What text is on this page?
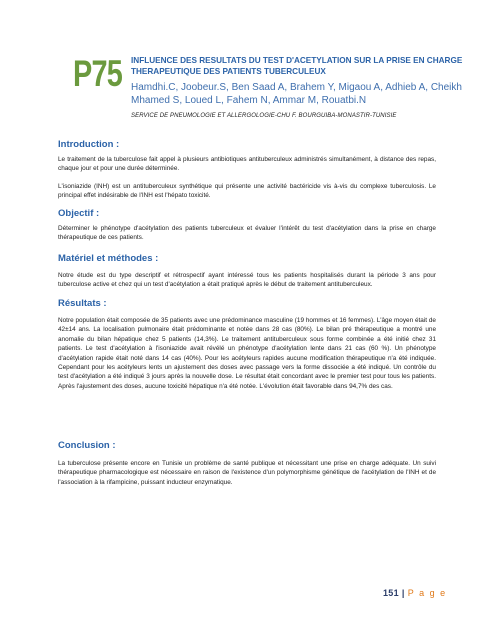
P75 INFLUENCE DES RESULTATS DU TEST D'ACETYLATION SUR LA PRISE EN CHARGE THERAPEUTIQUE DES PATIENTS TUBERCULEUX
Hamdhi.C, Joobeur.S, Ben Saad A, Brahem Y, Migaou A, Adhieb A, Cheikh Mhamed S, Loued L, Fahem N, Ammar M, Rouatbi.N
SERVICE DE PNEUMOLOGIE ET ALLERGOLOGIE-CHU F. BOURGUIBA-MONASTIR-TUNISIE
Introduction :
Le traitement de la tuberculose fait appel à plusieurs antibiotiques antituberculeux administrés simultanément, à distance des repas, chaque jour et pour une durée déterminée.
L'isoniazide (INH) est un antituberculeux synthétique qui présente une activité bactéricide vis à-vis du complexe tuberculosis. Le principal effet indésirable de l'INH est l'hépato toxicité.
Objectif :
Déterminer le phénotype d'acétylation des patients tuberculeux et évaluer l'intérêt du test d'acétylation dans la prise en charge thérapeutique de ces patients.
Matériel et méthodes :
Notre étude est du type descriptif et rétrospectif ayant intéressé tous les patients hospitalisés durant la période 3 ans pour tuberculose active et chez qui un test d'acétylation a était pratiqué après le début de traitement antituberculeux.
Résultats :
Notre population était composée de 35 patients avec une prédominance masculine (19 hommes et 16 femmes). L'âge moyen était de 42±14 ans. La localisation pulmonaire était prédominante et notée dans 28 cas (80%). Le bilan pré thérapeutique a montré une anomalie du bilan hépatique chez 5 patients (14,3%). Le traitement antituberculeux sous forme combinée a été initié chez 31 patients. Le test d'acétylation à l'isoniazide avait révélé un phénotype d'acétylation lente dans 21 cas (60 %). Un phénotype d'acétylation rapide était noté dans 14 cas (40%). Pour les acétyleurs rapides aucune modification thérapeutique n'a été indiquée. Cependant pour les acétyleurs lents un ajustement des doses avec passage vers la forme dissociée a été indiqué. Un contrôle du test d'acétylation a été indiqué 3 jours après la nouvelle dose. Le résultat était concordant avec le premier test pour tous les patients. Après l'ajustement des doses, aucune toxicité hépatique n'a été notée. L'évolution était favorable dans 94,7% des cas.
Conclusion :
La tuberculose présente encore en Tunisie un problème de santé publique et nécessitant une prise en charge adéquate. Un suivi thérapeutique pharmacologique est nécessaire en raison de l'existence d'un polymorphisme génétique de l'acétylation de l'INH et de l'association à la rifampicine, puissant inducteur enzymatique.
151 | P a g e
